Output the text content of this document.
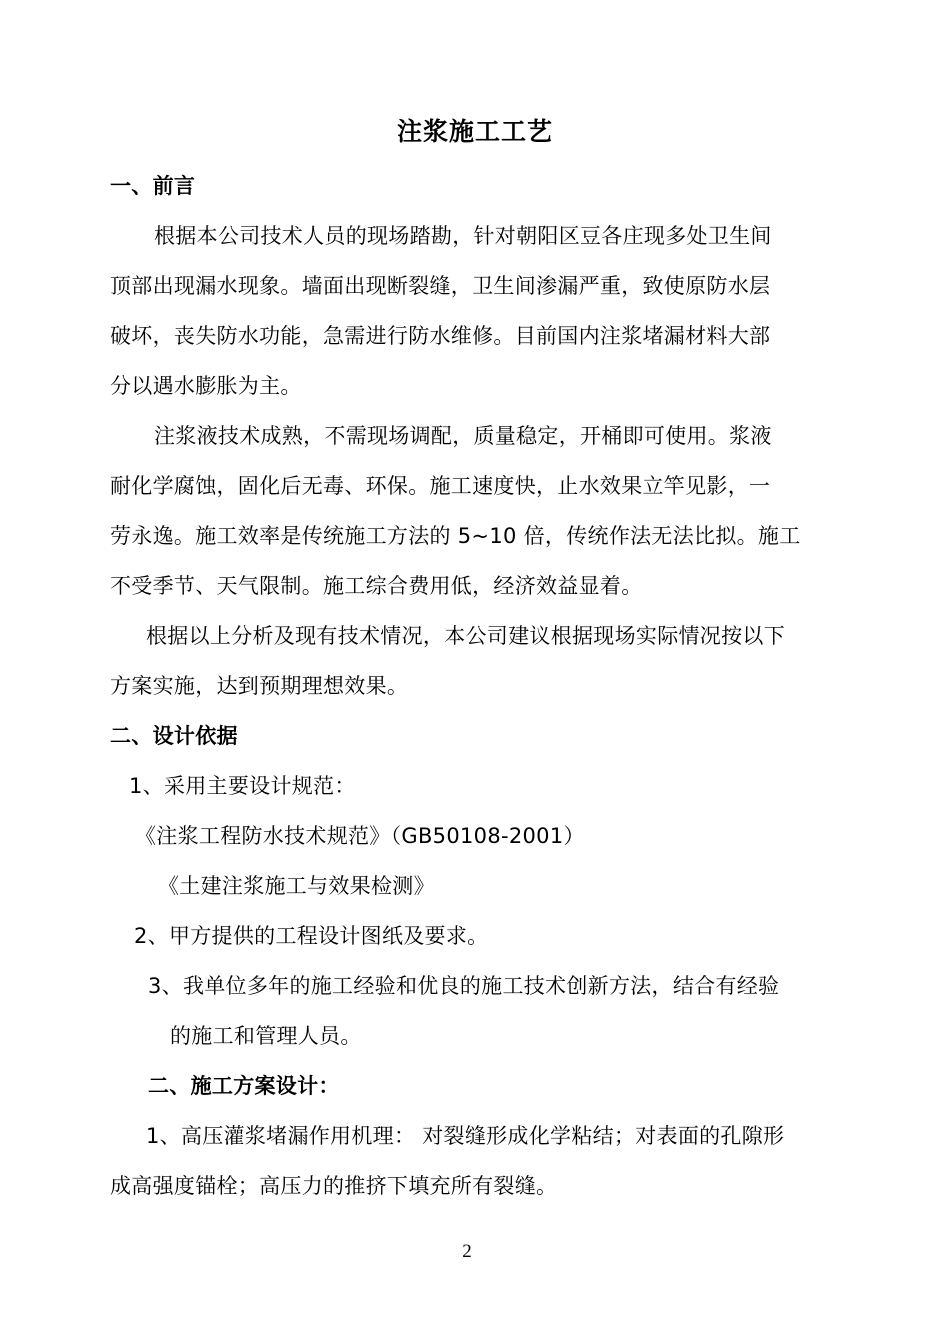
注浆施工工艺
一、前言
根据本公司技术人员的现场踏勘，针对朝阳区豆各庄现多处卫生间
顶部出现漏水现象。墙面出现断裂缝，卫生间渗漏严重，致使原防水层
破坏，丧失防水功能，急需进行防水维修。目前国内注浆堵漏材料大部
分以遇水膨胀为主。
注浆液技术成熟，不需现场调配，质量稳定，开桶即可使用。浆液
耐化学腐蚀，固化后无毒、环保。施工速度快，止水效果立竿见影，一
劳永逸。施工效率是传统施工方法的 5~10 倍，传统作法无法比拟。施工
不受季节、天气限制。施工综合费用低，经济效益显着。
根据以上分析及现有技术情况，本公司建议根据现场实际情况按以下
方案实施，达到预期理想效果。
二、设计依据
1、采用主要设计规范：
《注浆工程防水技术规范》（GB50108-2001）
《土建注浆施工与效果检测》
2、甲方提供的工程设计图纸及要求。
3、我单位多年的施工经验和优良的施工技术创新方法，结合有经验
的施工和管理人员。
二、施工方案设计：
1、高压灌浆堵漏作用机理： 对裂缝形成化学粘结；对表面的孔隙形
成高强度锚栓；高压力的推挤下填充所有裂缝。
2
